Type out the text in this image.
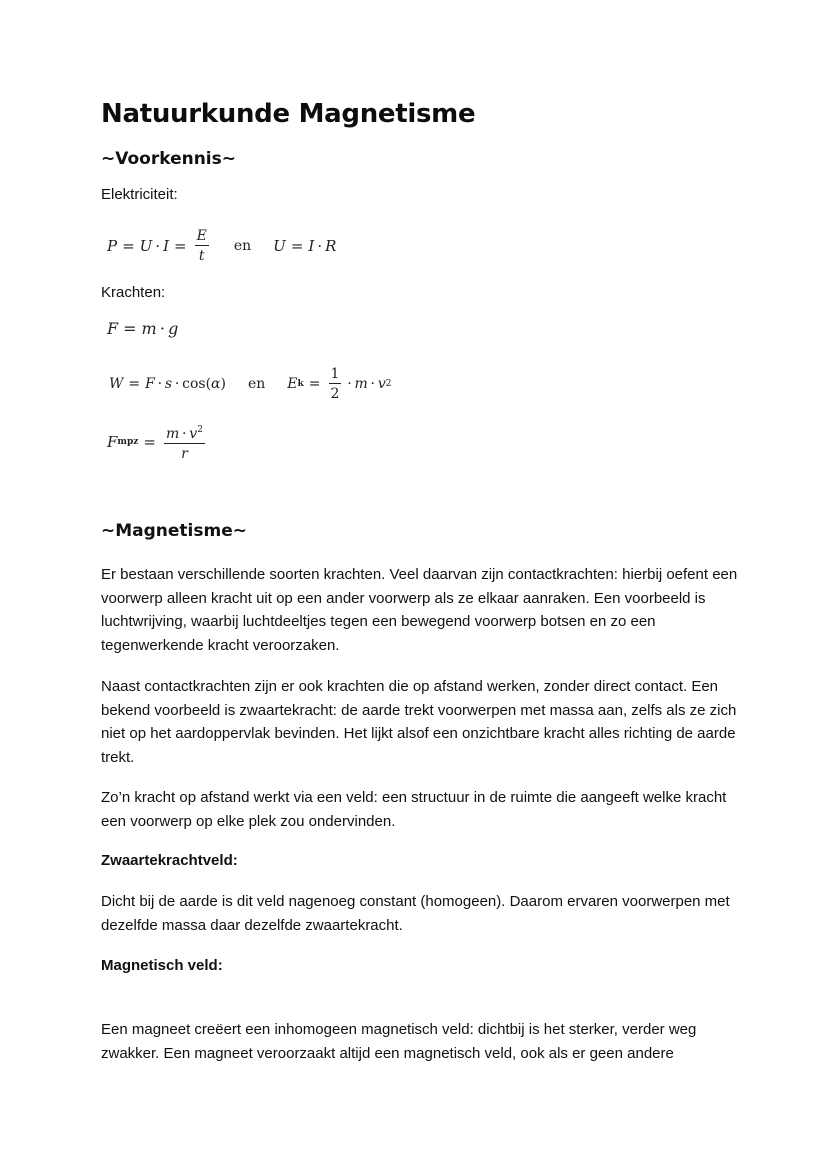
Natuurkunde Magnetisme
~Voorkennis~
Elektriciteit:
$P = U \cdot I = \frac{E}{t}$ en U = I  ·  R
Krachten:
F = m  ·  g
W = F  ·  s  · cos( α ) en E $k = \frac{1}{2} \cdot m \cdot v$ 2
F mpz = $\frac{m \cdot v^2}{r}$
~Magnetisme~

Er bestaan verschillende soorten krachten. Veel daarvan zijn contactkrachten: hierbij oefent een voorwerp alleen kracht uit op een ander voorwerp als ze elkaar aanraken. Een voorbeeld is luchtwrijving, waarbij luchtdeeltjes tegen een bewegend voorwerp botsen en zo een tegenwerkende kracht veroorzaken.

Naast contactkrachten zijn er ook krachten die op afstand werken, zonder direct contact. Een bekend voorbeeld is zwaartekracht: de aarde trekt voorwerpen met massa aan, zelfs als ze zich niet op het aardoppervlak bevinden. Het lijkt alsof een onzichtbare kracht alles richting de aarde trekt.

Zo’n kracht op afstand werkt via een veld: een structuur in de ruimte die aangeeft welke kracht een voorwerp op elke plek zou ondervinden.

Zwaartekrachtveld:

Dicht bij de aarde is dit veld nagenoeg constant (homogeen). Daarom ervaren voorwerpen met dezelfde massa daar dezelfde zwaartekracht.

Magnetisch veld:

Een magneet creëert een inhomogeen magnetisch veld: dichtbij is het sterker, verder weg zwakker. Een magneet veroorzaakt altijd een magnetisch veld, ook als er geen andere
